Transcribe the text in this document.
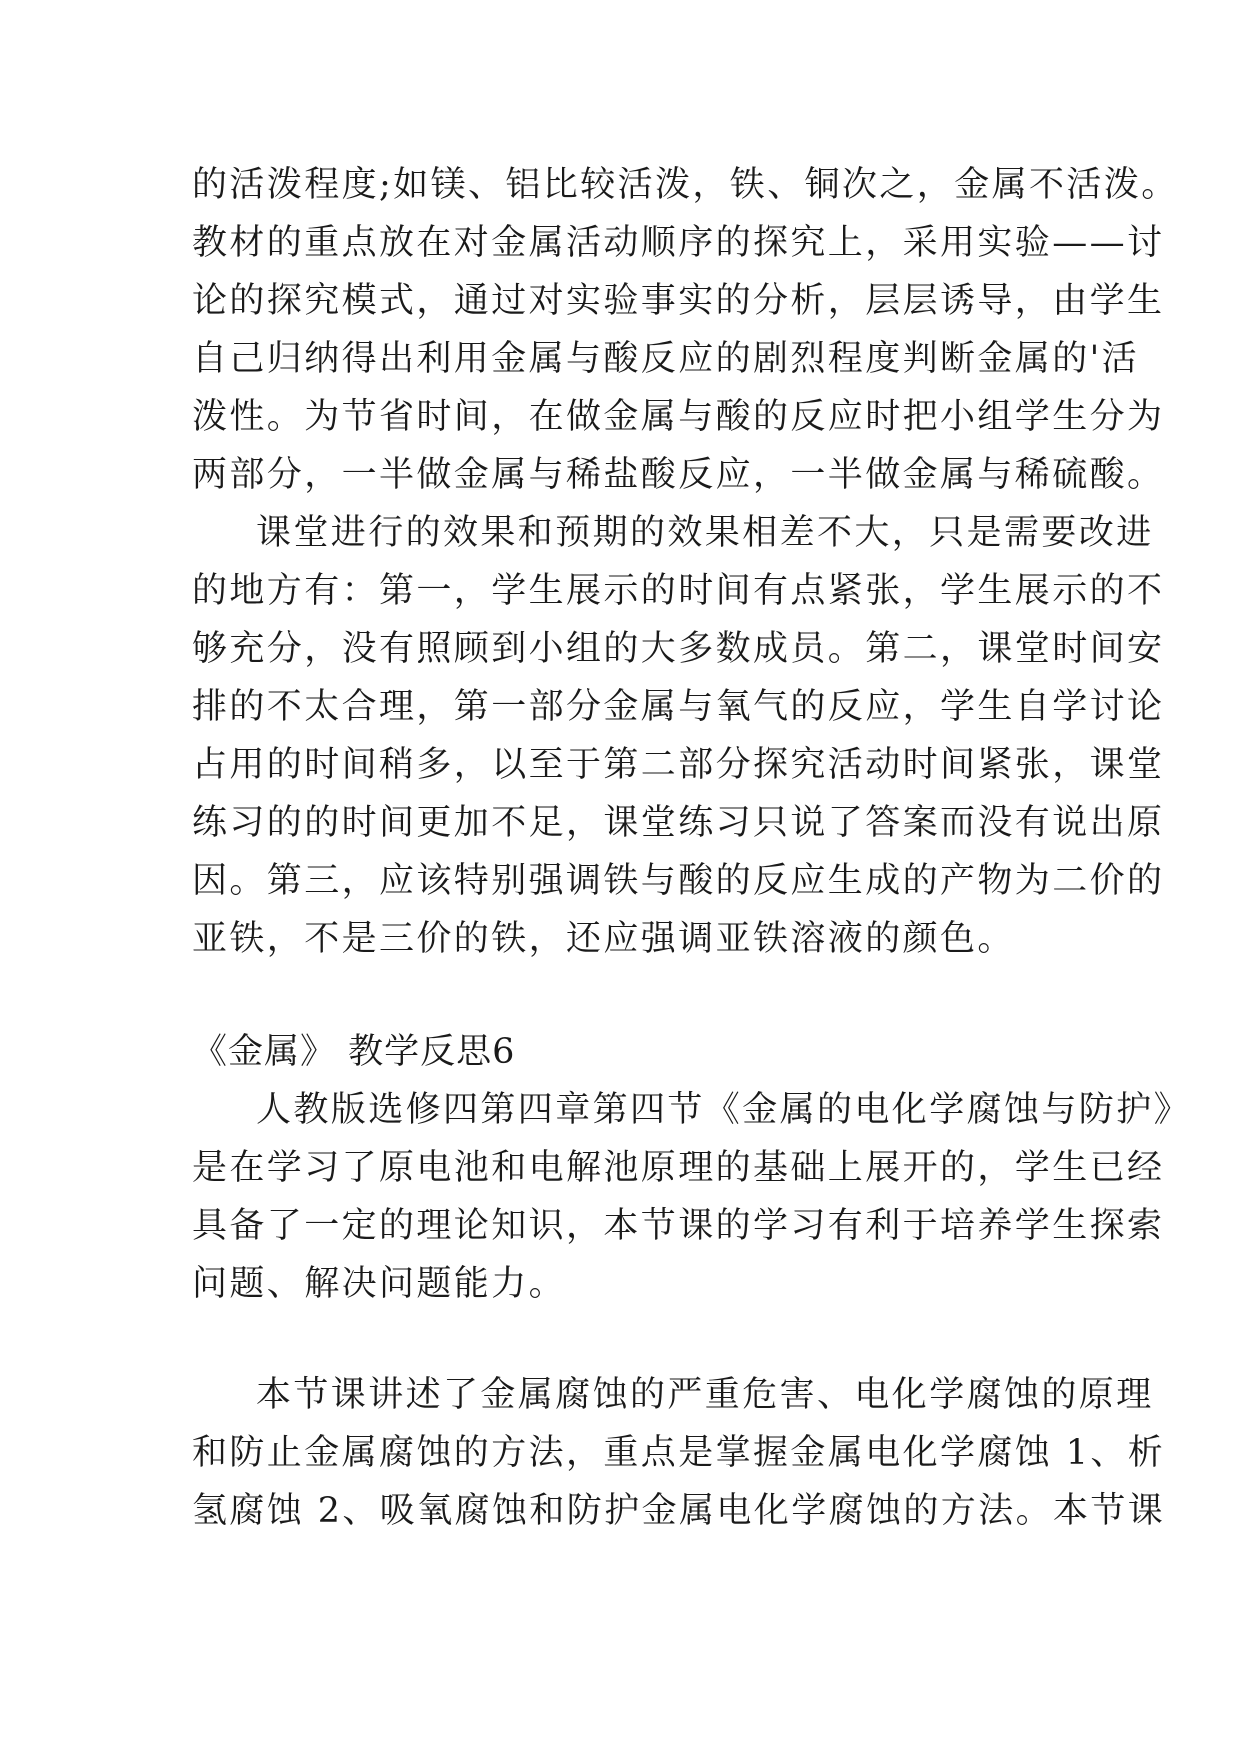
的活泼程度;如镁、铝比较活泼，铁、铜次之，金属不活泼。
教材的重点放在对金属活动顺序的探究上，采用实验——讨
论的探究模式，通过对实验事实的分析，层层诱导，由学生
自己归纳得出利用金属与酸反应的剧烈程度判断金属的'活
泼性。为节省时间，在做金属与酸的反应时把小组学生分为
两部分，一半做金属与稀盐酸反应，一半做金属与稀硫酸。
课堂进行的效果和预期的效果相差不大，只是需要改进
的地方有：第一，学生展示的时间有点紧张，学生展示的不
够充分，没有照顾到小组的大多数成员。第二，课堂时间安
排的不太合理，第一部分金属与氧气的反应，学生自学讨论
占用的时间稍多，以至于第二部分探究活动时间紧张，课堂
练习的的时间更加不足，课堂练习只说了答案而没有说出原
因。第三，应该特别强调铁与酸的反应生成的产物为二价的
亚铁，不是三价的铁，还应强调亚铁溶液的颜色。
《金属》 教学反思6
人教版选修四第四章第四节《金属的电化学腐蚀与防护》
是在学习了原电池和电解池原理的基础上展开的，学生已经
具备了一定的理论知识，本节课的学习有利于培养学生探索
问题、解决问题能力。
本节课讲述了金属腐蚀的严重危害、电化学腐蚀的原理
和防止金属腐蚀的方法，重点是掌握金属电化学腐蚀 1、析
氢腐蚀 2、吸氧腐蚀和防护金属电化学腐蚀的方法。本节课
